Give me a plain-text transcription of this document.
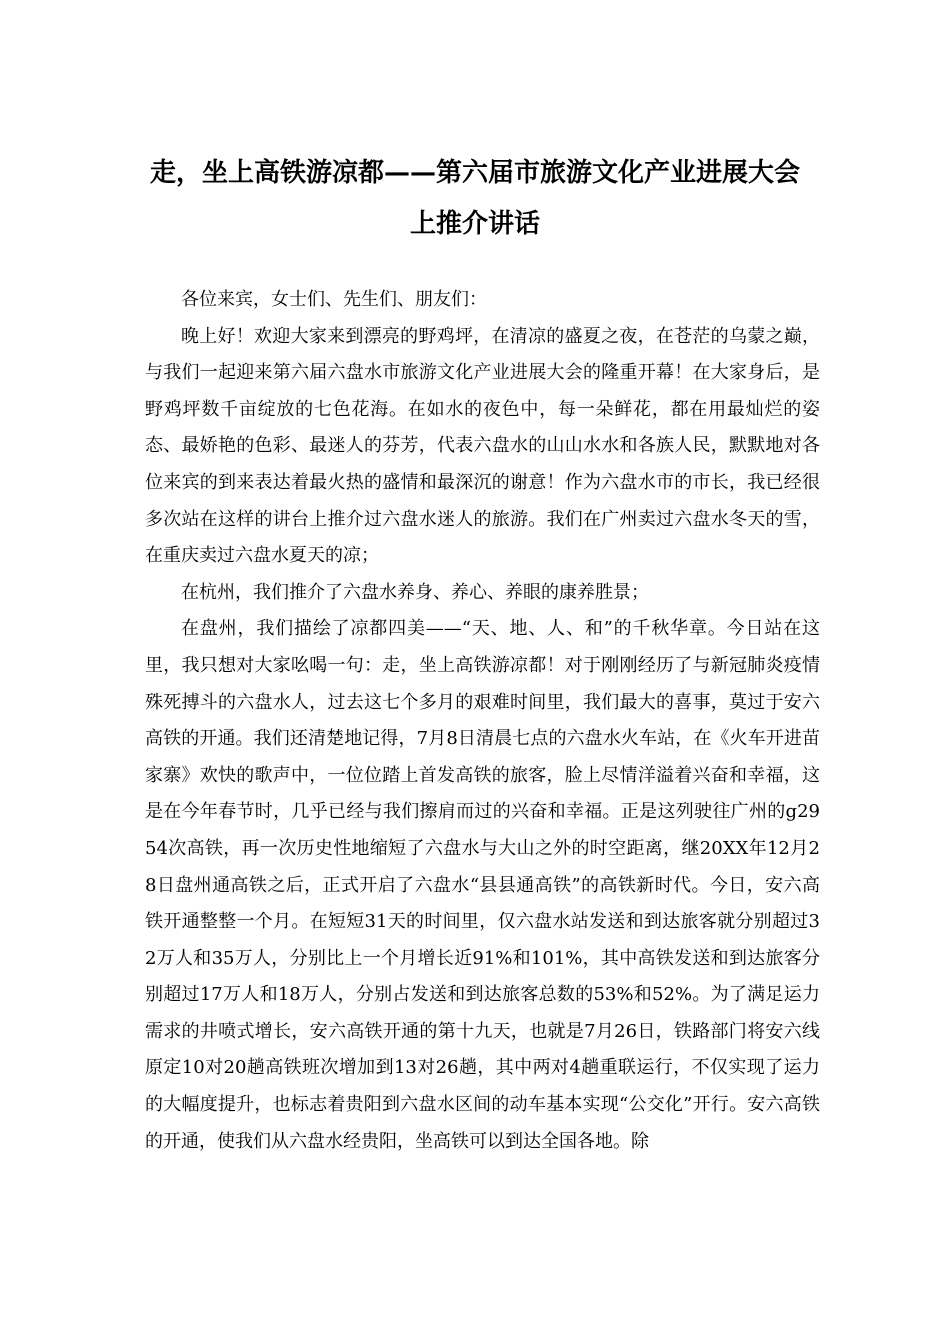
走，坐上高铁游凉都——第六届市旅游文化产业进展大会
上推介讲话

各位来宾，女士们、先生们、朋友们：

晚上好！欢迎大家来到漂亮的野鸡坪，在清凉的盛夏之夜，在苍茫的乌蒙之巅，与我们一起迎来第六届六盘水市旅游文化产业进展大会的隆重开幕！在大家身后，是野鸡坪数千亩绽放的七色花海。在如水的夜色中，每一朵鲜花，都在用最灿烂的姿态、最娇艳的色彩、最迷人的芬芳，代表六盘水的山山水水和各族人民，默默地对各位来宾的到来表达着最火热的盛情和最深沉的谢意！作为六盘水市的市长，我已经很多次站在这样的讲台上推介过六盘水迷人的旅游。我们在广州卖过六盘水冬天的雪，在重庆卖过六盘水夏天的凉；

在杭州，我们推介了六盘水养身、养心、养眼的康养胜景；

在盘州，我们描绘了凉都四美——“天、地、人、和”的千秋华章。今日站在这里，我只想对大家吆喝一句：走，坐上高铁游凉都！对于刚刚经历了与新冠肺炎疫情殊死搏斗的六盘水人，过去这七个多月的艰难时间里，我们最大的喜事，莫过于安六高铁的开通。我们还清楚地记得，7月8日清晨七点的六盘水火车站，在《火车开进苗家寨》欢快的歌声中，一位位踏上首发高铁的旅客，脸上尽情洋溢着兴奋和幸福，这是在今年春节时，几乎已经与我们擦肩而过的兴奋和幸福。正是这列驶往广州的g2954次高铁，再一次历史性地缩短了六盘水与大山之外的时空距离，继20XX年12月28日盘州通高铁之后，正式开启了六盘水“县县通高铁”的高铁新时代。今日，安六高铁开通整整一个月。在短短31天的时间里，仅六盘水站发送和到达旅客就分别超过32万人和35万人，分别比上一个月增长近91%和101%，其中高铁发送和到达旅客分别超过17万人和18万人，分别占发送和到达旅客总数的53%和52%。为了满足运力需求的井喷式增长，安六高铁开通的第十九天，也就是7月26日，铁路部门将安六线原定10对20趟高铁班次增加到13对26趟，其中两对4趟重联运行，不仅实现了运力的大幅度提升，也标志着贵阳到六盘水区间的动车基本实现“公交化”开行。安六高铁的开通，使我们从六盘水经贵阳，坐高铁可以到达全国各地。除
